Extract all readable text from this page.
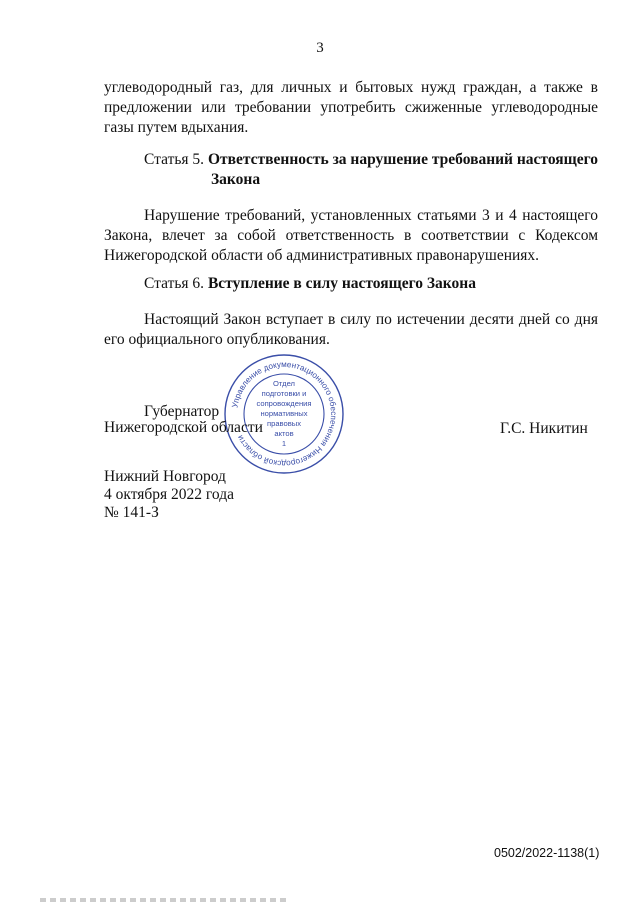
3
углеводородный газ, для личных и бытовых нужд граждан, а также в
предложении или требовании употребить сжиженные углеводородные
газы путем вдыхания.
Статья 5. Ответственность за нарушение требований настоящего
Закона
Нарушение требований, установленных статьями 3 и 4 настоящего
Закона, влечет за собой ответственность в соответствии с Кодексом
Нижегородской области об административных правонарушениях.
Статья 6. Вступление в силу настоящего Закона
Настоящий Закон вступает в силу по истечении десяти дней со дня
его официального опубликования.
Управление документационного обеспечения Нижегородской области
Отдел
подготовки и
сопровождения
нормативных
правовых
актов
1
Губернатор
Нижегородской области	Г.С. Никитин
Нижний Новгород
4 октября 2022 года
№ 141-З
0502/2022-1138(1)
